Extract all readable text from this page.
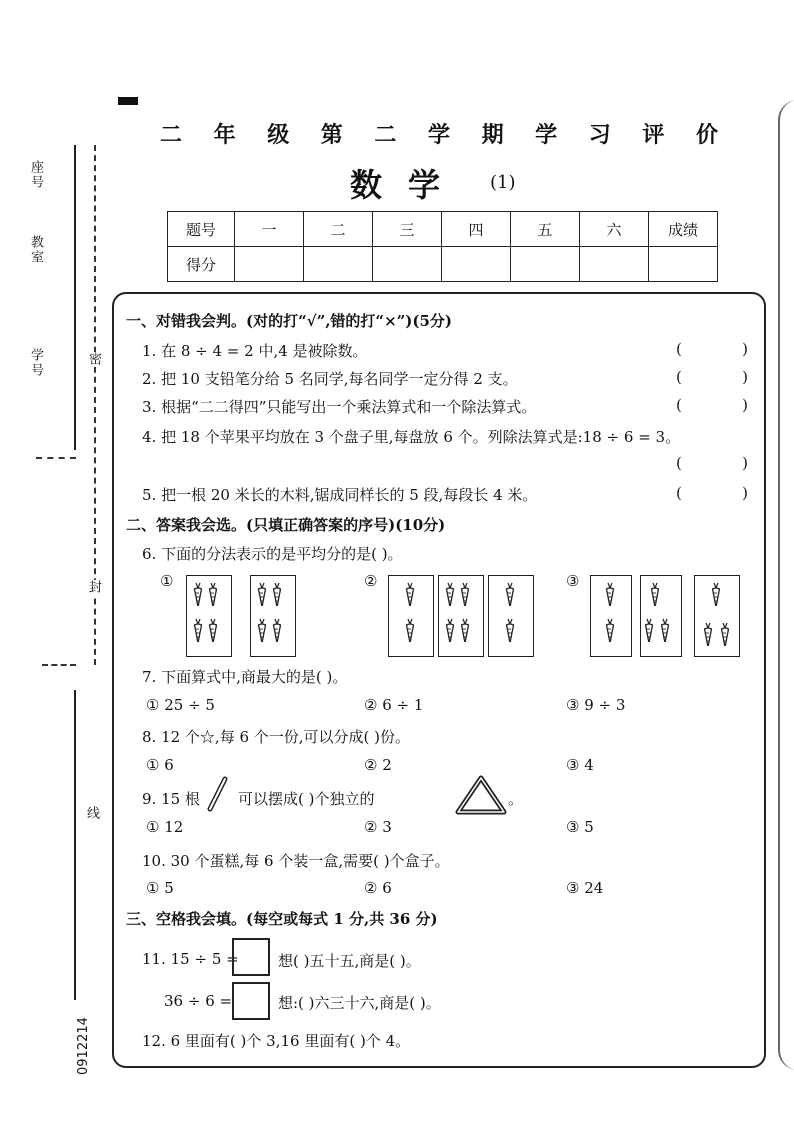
座号
教室
学号	密
封
线
0912214
二 年 级 第 二 学 期 学 习 评 价
数学 (1)
题号	一	二	三	四	五	六	成绩
得分							
一、对错我会判。(对的打“√”,错的打“×”)(5分)
1. 在 8 ÷ 4 = 2 中,4 是被除数。	(	)
2. 把 10 支铅笔分给 5 名同学,每名同学一定分得 2 支。	(	)
3. 根据“二二得四”只能写出一个乘法算式和一个除法算式。	(	)
4. 把 18 个苹果平均放在 3 个盘子里,每盘放 6 个。列除法算式是:18 ÷ 6 = 3。
(	)
5. 把一根 20 米长的木料,锯成同样长的 5 段,每段长 4 米。	(	)
二、答案我会选。(只填正确答案的序号)(10分)
6. 下面的分法表示的是平均分的是( )。
①	②	③
7. 下面算式中,商最大的是( )。
① 25 ÷ 5	② 6 ÷ 1	③ 9 ÷ 3
8. 12 个☆,每 6 个一份,可以分成( )份。
① 6	② 2	③ 4
9. 15 根	可以摆成( )个独立的	。
① 12	② 3	③ 5
10. 30 个蛋糕,每 6 个装一盒,需要( )个盒子。
① 5	② 6	③ 24
三、空格我会填。(每空或每式 1 分,共 36 分)
11. 15 ÷ 5 =	想( )五十五,商是( )。
36 ÷ 6 =	想:( )六三十六,商是( )。
12. 6 里面有( )个 3,16 里面有( )个 4。
